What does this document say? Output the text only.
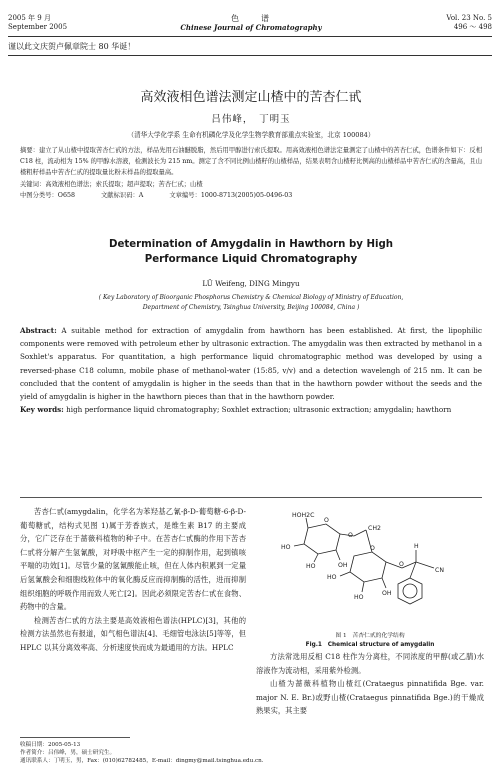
2005 年 9 月
September 2005
色　　谱
Chinese Journal of Chromatography
Vol. 23 No. 5
496 ～ 498
谨以此文庆贺卢佩章院士 80 华诞！
高效液相色谱法测定山楂中的苦杏仁甙
吕伟峰，　丁明玉
（清华大学化学系 生命有机磷化学及化学生物学教育部重点实验室，北京 100084）
摘要：建立了从山楂中提取苦杏仁甙的方法，样品先用石油醚脱脂，然后用甲醇进行索氏提取。用高效液相色谱法定量测定了山楂中的苦杏仁甙，色谱条件如下：反相 C18 柱，流动相为 15% 的甲醇水溶液，检测波长为 215 nm。测定了含不同比例山楂籽的山楂样品，结果表明含山楂籽比例高的山楂样品中苦杏仁甙的含量高，且山楂粗籽样品中苦杏仁甙的提取量比粉末样品的提取量高。
关键词：高效液相色谱法；索氏提取；超声提取；苦杏仁甙；山楂
中图分类号：O658	文献标识码：A	文章编号：1000-8713(2005)05-0496-03
Determination of Amygdalin in Hawthorn by High
Performance Liquid Chromatography
LÜ Weifeng, DING Mingyu
( Key Laboratory of Bioorganic Phosphorus Chemistry & Chemical Biology of Ministry of Education,
Department of Chemistry, Tsinghua University, Beijing 100084, China )
Abstract: A suitable method for extraction of amygdalin from hawthorn has been established. At first, the lipophilic components were removed with petroleum ether by ultrasonic extraction. The amygdalin was then extracted by methanol in a Soxhlet's apparatus. For quantitation, a high performance liquid chromatographic method was developed by using a reversed-phase C18 column, mobile phase of methanol-water (15:85, v/v) and a detection wavelengh of 215 nm. It can be concluded that the content of amygdalin is higher in the seeds than that in the hawthorn powder without the seeds and the yield of amygdalin is higher in the hawthorn pieces than that in the hawthorn powder.
Key words: high performance liquid chromatography; Soxhlet extraction; ultrasonic extraction; amygdalin; hawthorn
苦杏仁甙(amygdalin，化学名为苯羟基乙氰-β-D-葡萄糖-6-β-D-葡萄糖甙，结构式见图 1)属于芳香族式，是维生素 B17 的主要成分，它广泛存在于蔷薇科植物的种子中。在苦杏仁甙酶的作用下苦杏仁甙将分解产生氢氰酸，对呼吸中枢产生一定的抑制作用，起到镇咳平喘的功效[1]。尽管少量的氢氰酸能止咳，但在人体内积累到一定量后氢氰酸会和细胞线粒体中的氧化酶反应而抑制酶的活性，进而抑制组织细胞的呼吸作用而致人死亡[2]。因此必须限定苦杏仁甙在食物、药物中的含量。
检测苦杏仁甙的方法主要是高效液相色谱法(HPLC)[3]，其他的检测方法虽然也有报道，如气相色谱法[4]、毛细管电泳法[5]等等，但 HPLC 以其分离效率高、分析速度快而成为最通用的方法。HPLC
HOH2C
O
HO
HO	OH
O
CH2
O
HO
HO
OH
O
H
CN
图 1　苦杏仁甙的化学结构
Fig.1　Chemical structure of amygdalin
方法常选用反相 C18 柱作为分离柱，不同浓度的甲醇(或乙腈)水溶液作为流动相，采用紫外检测。
山楂为蔷薇科植物山楂红(Crataegus pinnatifida Bge. var. major N. E. Br.)或野山楂(Crataegus pinnatifida Bge.)的干燥成熟果实，其主要
收稿日期：2005-05-13
作者简介：吕伟峰，男，硕士研究生。
通讯联系人：丁明玉，男，Fax：(010)62782485，E-mail：dingmy@mail.tsinghua.edu.cn.
